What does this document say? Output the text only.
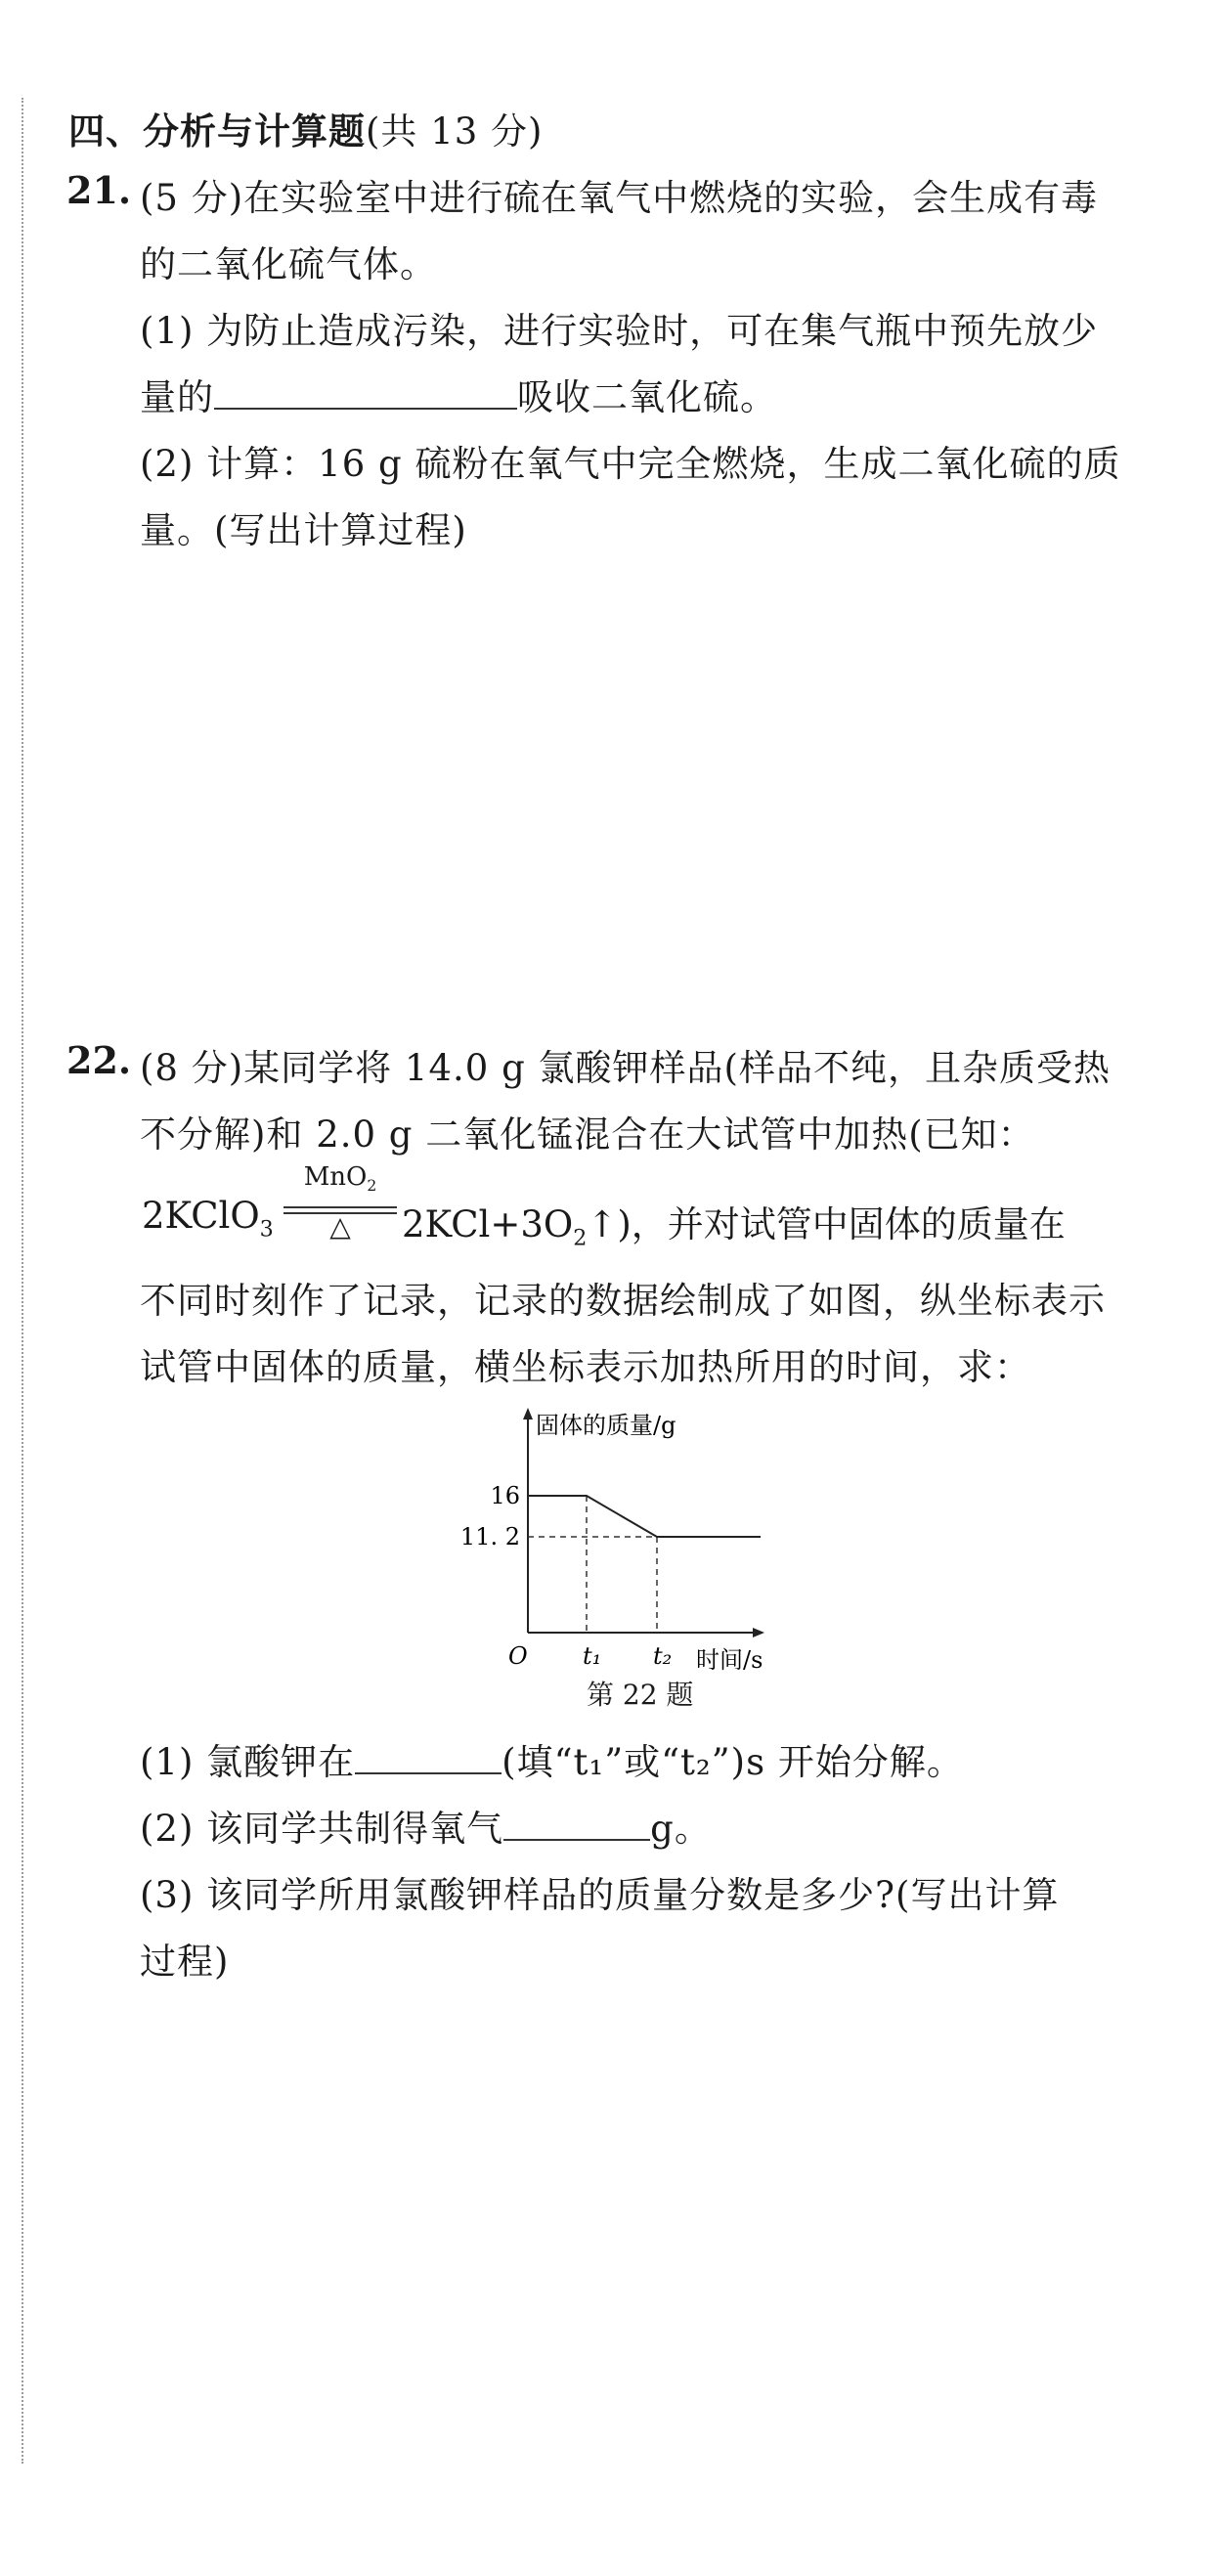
四、分析与计算题(共 13 分)
21. (5 分)在实验室中进行硫在氧气中燃烧的实验，会生成有毒
的二氧化硫气体。
(1) 为防止造成污染，进行实验时，可在集气瓶中预先放少
量的	吸收二氧化硫。
(2) 计算：16 g 硫粉在氧气中完全燃烧，生成二氧化硫的质
量。(写出计算过程)
22. (8 分)某同学将 14.0 g 氯酸钾样品(样品不纯，且杂质受热
不分解)和 2.0 g 二氧化锰混合在大试管中加热(已知：
2KClO$_3$
MnO$_2$
△	$2KCl+3O_2↑$)，并对试管中固体的质量在
不同时刻作了记录，记录的数据绘制成了如图，纵坐标表示
试管中固体的质量，横坐标表示加热所用的时间，求：
固体的质量/g
时间/s
O
16
11. 2
t₁ t₂
第 22 题
(1) 氯酸钾在	(填“t₁”或“t₂”)s 开始分解。
(2) 该同学共制得氧气	g。
(3) 该同学所用氯酸钾样品的质量分数是多少?(写出计算
过程)
